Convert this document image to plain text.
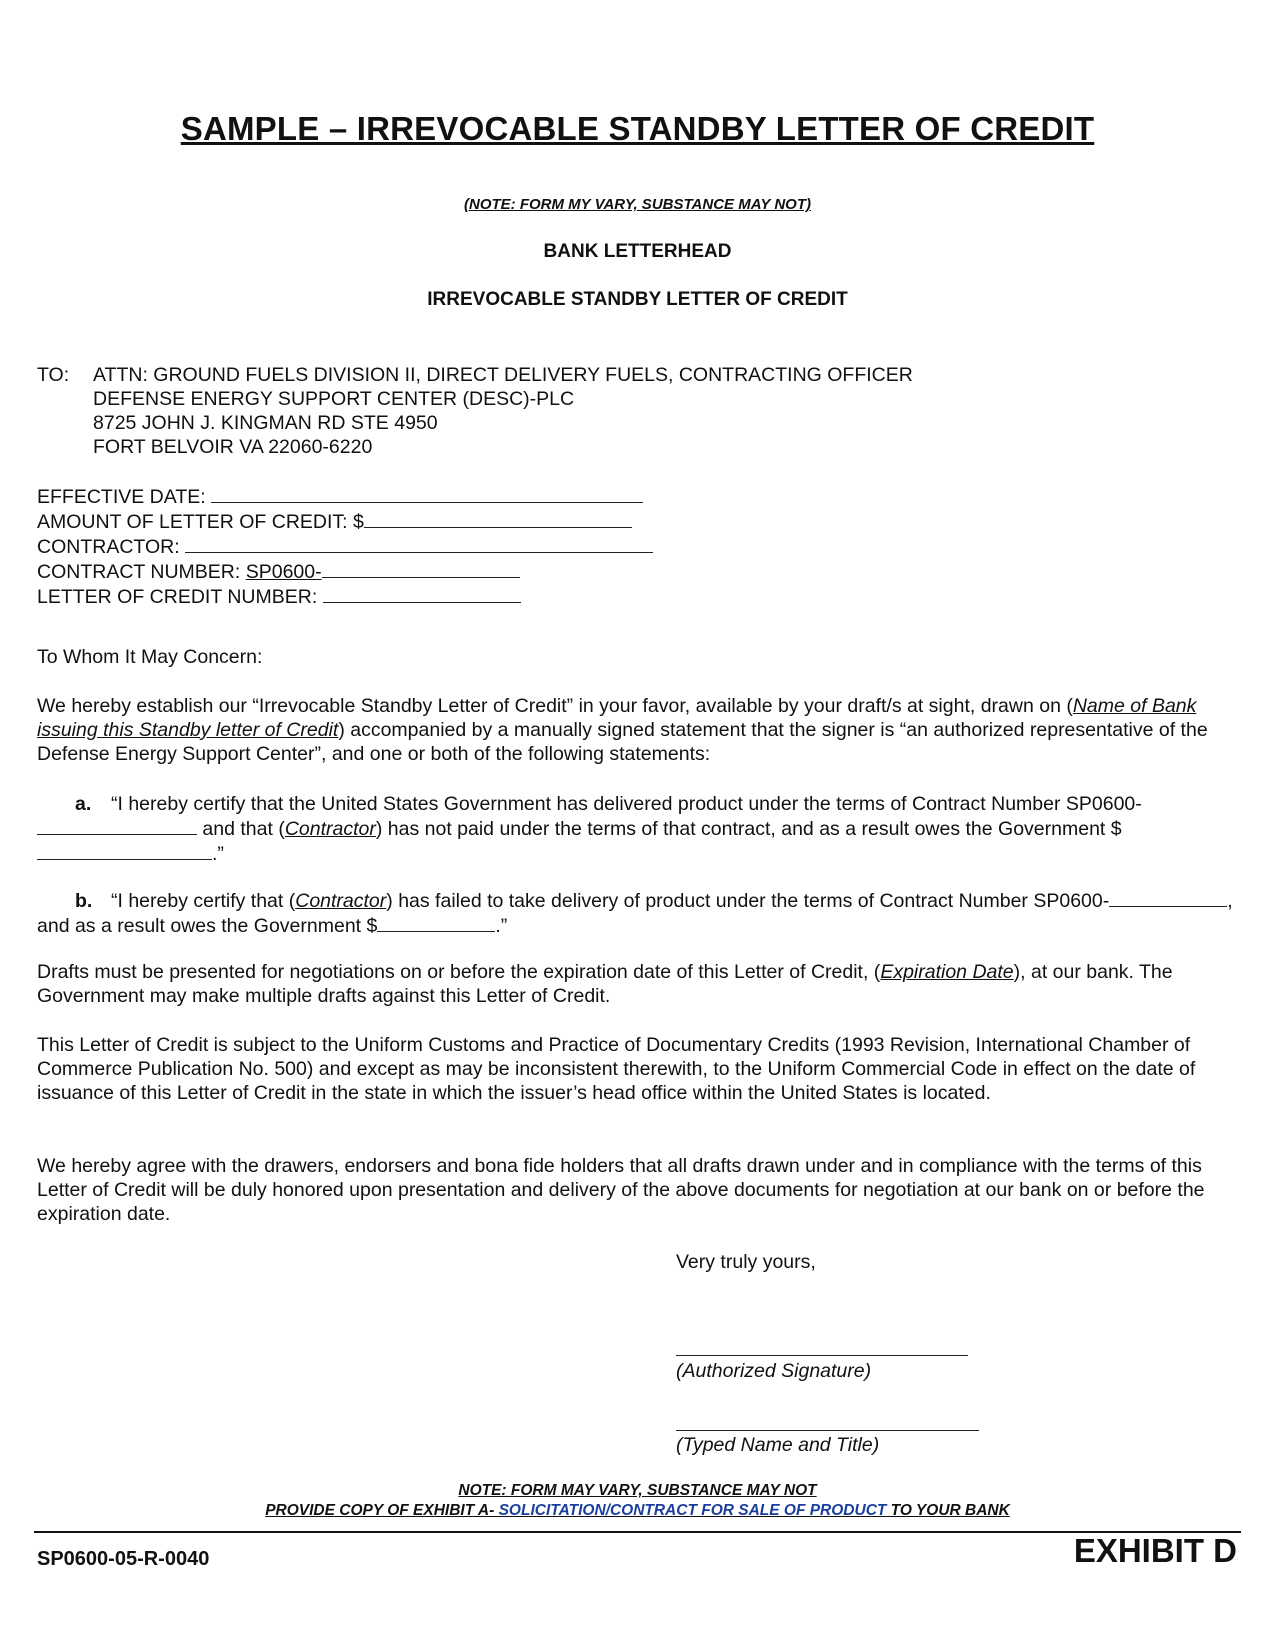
SAMPLE – IRREVOCABLE STANDBY LETTER OF CREDIT
(NOTE: FORM MY VARY, SUBSTANCE MAY NOT)
BANK LETTERHEAD
IRREVOCABLE STANDBY LETTER OF CREDIT
TO: ATTN: GROUND FUELS DIVISION II, DIRECT DELIVERY FUELS, CONTRACTING OFFICER
DEFENSE ENERGY SUPPORT CENTER (DESC)-PLC
8725 JOHN J. KINGMAN RD STE 4950
FORT BELVOIR VA 22060-6220
EFFECTIVE DATE:
AMOUNT OF LETTER OF CREDIT: $
CONTRACTOR:
CONTRACT NUMBER: SP0600-
LETTER OF CREDIT NUMBER:
To Whom It May Concern:
We hereby establish our “Irrevocable Standby Letter of Credit” in your favor, available by your draft/s at sight, drawn on (Name of Bank issuing this Standby letter of Credit) accompanied by a manually signed statement that the signer is “an authorized representative of the Defense Energy Support Center”, and one or both of the following statements:
a. “I hereby certify that the United States Government has delivered product under the terms of Contract Number SP0600- and that (Contractor) has not paid under the terms of that contract, and as a result owes the Government $.”
b. “I hereby certify that (Contractor) has failed to take delivery of product under the terms of Contract Number SP0600-	, and as a result owes the Government $	.”
Drafts must be presented for negotiations on or before the expiration date of this Letter of Credit, (Expiration Date), at our bank. The Government may make multiple drafts against this Letter of Credit.
This Letter of Credit is subject to the Uniform Customs and Practice of Documentary Credits (1993 Revision, International Chamber of Commerce Publication No. 500) and except as may be inconsistent therewith, to the Uniform Commercial Code in effect on the date of issuance of this Letter of Credit in the state in which the issuer’s head office within the United States is located.
We hereby agree with the drawers, endorsers and bona fide holders that all drafts drawn under and in compliance with the terms of this Letter of Credit will be duly honored upon presentation and delivery of the above documents for negotiation at our bank on or before the expiration date.
Very truly yours,
(Authorized Signature)
(Typed Name and Title)
NOTE: FORM MAY VARY, SUBSTANCE MAY NOT
PROVIDE COPY OF EXHIBIT A- SOLICITATION/CONTRACT FOR SALE OF PRODUCT TO YOUR BANK
SP0600-05-R-0040	EXHIBIT D
